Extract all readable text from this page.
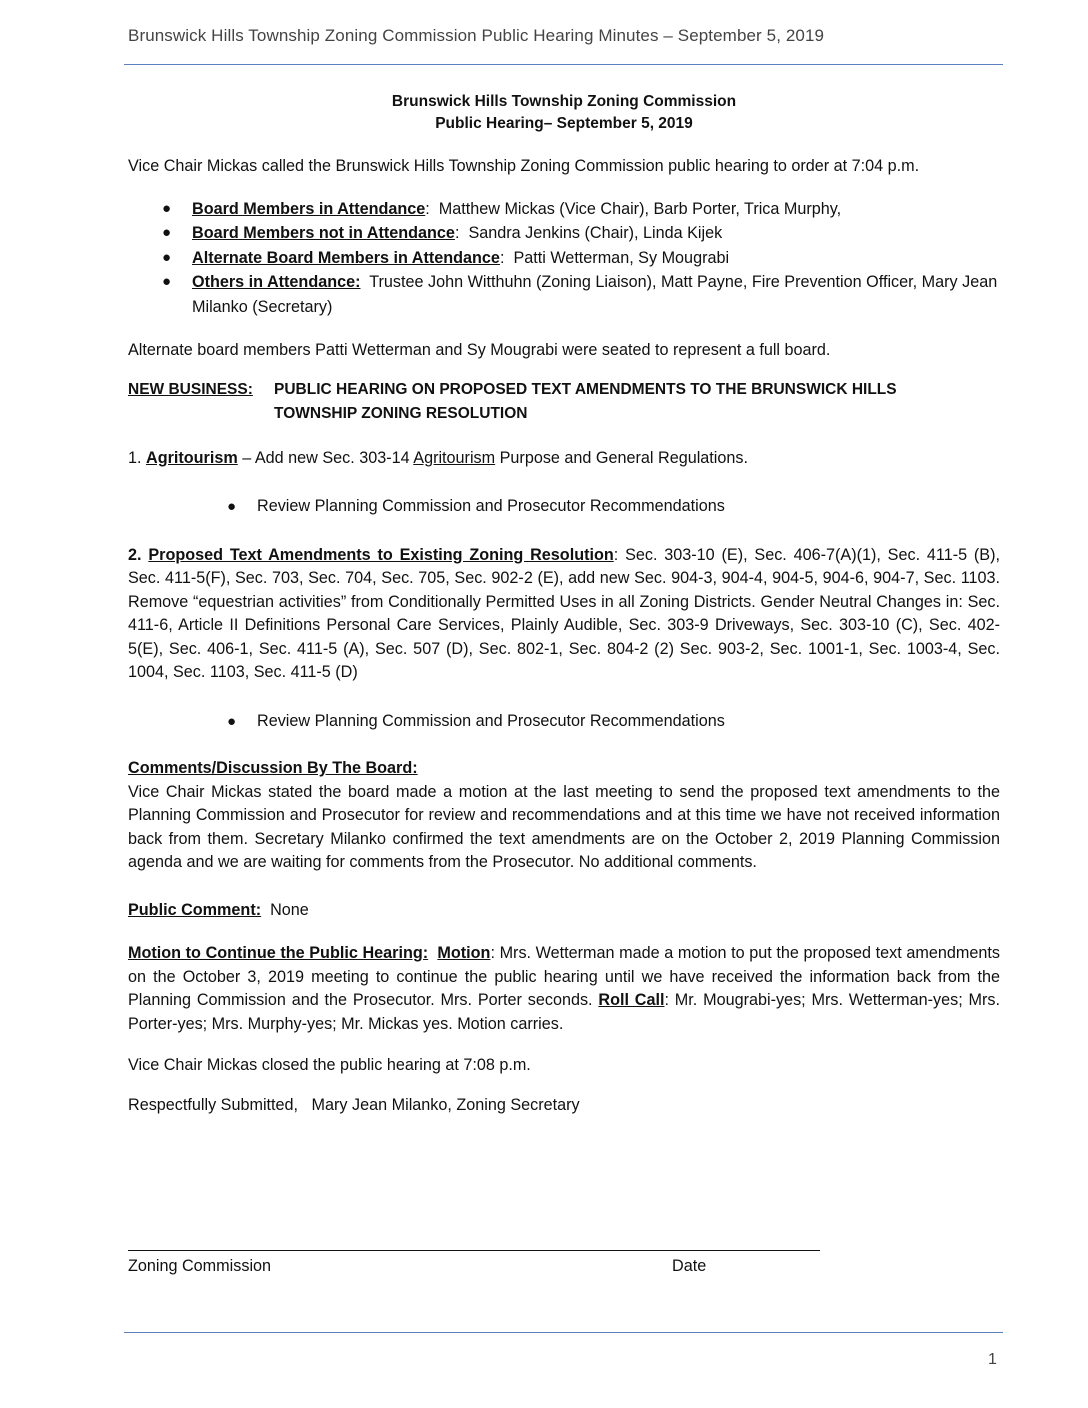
Brunswick Hills Township Zoning Commission Public Hearing Minutes – September 5, 2019
Brunswick Hills Township Zoning Commission
Public Hearing– September 5, 2019

Vice Chair Mickas called the Brunswick Hills Township Zoning Commission public hearing to order at 7:04 p.m.

● Board Members in Attendance:  Matthew Mickas (Vice Chair), Barb Porter, Trica Murphy,
● Board Members not in Attendance:  Sandra Jenkins (Chair), Linda Kijek
● Alternate Board Members in Attendance:  Patti Wetterman, Sy Mougrabi
● Others in Attendance: Trustee John Witthuhn (Zoning Liaison), Matt Payne, Fire Prevention Officer, Mary Jean Milanko (Secretary)

Alternate board members Patti Wetterman and Sy Mougrabi were seated to represent a full board.

NEW BUSINESS:	PUBLIC HEARING ON PROPOSED TEXT AMENDMENTS TO THE BRUNSWICK HILLS
TOWNSHIP ZONING RESOLUTION

1. Agritourism – Add new Sec. 303-14 Agritourism Purpose and General Regulations.

● Review Planning Commission and Prosecutor Recommendations

2. Proposed Text Amendments to Existing Zoning Resolution: Sec. 303-10 (E), Sec. 406-7(A)(1), Sec. 411-5 (B), Sec. 411-5(F), Sec. 703, Sec. 704, Sec. 705, Sec. 902-2 (E), add new Sec. 904-3, 904-4, 904-5, 904-6, 904-7, Sec. 1103. Remove “equestrian activities” from Conditionally Permitted Uses in all Zoning Districts. Gender Neutral Changes in: Sec. 411-6, Article II Definitions Personal Care Services, Plainly Audible, Sec. 303-9 Driveways, Sec. 303-10 (C), Sec. 402-5(E), Sec. 406-1, Sec. 411-5 (A), Sec. 507 (D), Sec. 802-1, Sec. 804-2 (2) Sec. 903-2, Sec. 1001-1, Sec. 1003-4, Sec. 1004, Sec. 1103, Sec. 411-5 (D)

● Review Planning Commission and Prosecutor Recommendations
Comments/Discussion By The Board:

Vice Chair Mickas stated the board made a motion at the last meeting to send the proposed text amendments to the Planning Commission and Prosecutor for review and recommendations and at this time we have not received information back from them. Secretary Milanko confirmed the text amendments are on the October 2, 2019 Planning Commission agenda and we are waiting for comments from the Prosecutor. No additional comments.

Public Comment:  None

Motion to Continue the Public Hearing: Motion: Mrs. Wetterman made a motion to put the proposed text amendments on the October 3, 2019 meeting to continue the public hearing until we have received the information back from the Planning Commission and the Prosecutor. Mrs. Porter seconds. Roll Call: Mr. Mougrabi-yes; Mrs. Wetterman-yes; Mrs. Porter-yes; Mrs. Murphy-yes; Mr. Mickas yes. Motion carries.

Vice Chair Mickas closed the public hearing at 7:08 p.m.

Respectfully Submitted,   Mary Jean Milanko, Zoning Secretary

Zoning Commission	Date
1
